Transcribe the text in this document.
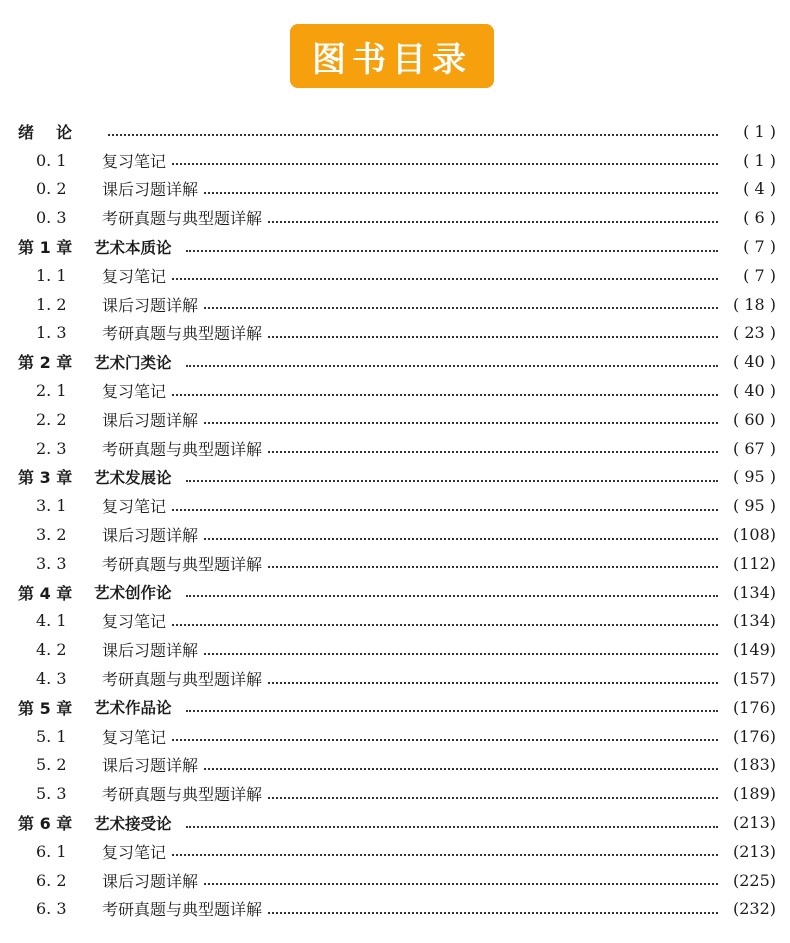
图书目录
绪 论	( 1 )
0. 1	复习笔记	( 1 )
0. 2	课后习题详解	( 4 )
0. 3	考研真题与典型题详解	( 6 )
第 1 章	艺术本质论	( 7 )
1. 1	复习笔记	( 7 )
1. 2	课后习题详解	( 18 )
1. 3	考研真题与典型题详解	( 23 )
第 2 章	艺术门类论	( 40 )
2. 1	复习笔记	( 40 )
2. 2	课后习题详解	( 60 )
2. 3	考研真题与典型题详解	( 67 )
第 3 章	艺术发展论	( 95 )
3. 1	复习笔记	( 95 )
3. 2	课后习题详解	(108)
3. 3	考研真题与典型题详解	(112)
第 4 章	艺术创作论	(134)
4. 1	复习笔记	(134)
4. 2	课后习题详解	(149)
4. 3	考研真题与典型题详解	(157)
第 5 章	艺术作品论	(176)
5. 1	复习笔记	(176)
5. 2	课后习题详解	(183)
5. 3	考研真题与典型题详解	(189)
第 6 章	艺术接受论	(213)
6. 1	复习笔记	(213)
6. 2	课后习题详解	(225)
6. 3	考研真题与典型题详解	(232)
